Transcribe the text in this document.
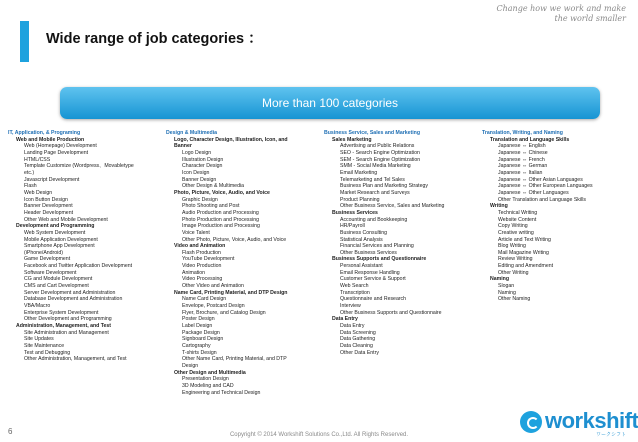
Change how we work and make the world smaller
Wide range of job categories ：
More than 100 categories
IT, Application, & Programing
Web and Mobile Production
Web (Homepage) Development
Landing Page Development
HTML/CSS
Template Customize (Wordpress、Movabletype
etc.)
Javascript Development
Flash
Web Design
Icon Button Design
Banner Development
Header Development
Other Web and Mobile Development
Development and Programming
Web System Development
Mobile Application Development
Smartphone App Development
(iPhone/Android)
Game Development
Facebook and Twitter Application Development
Software Development
CG and Module Development
CMS and Cart Development
Server Development and Administration
Database Development and Administration
VBA/Macro
Enterprise System Development
Other Development and Programming
Administration, Management, and Test
Site Administration and Management
Site Updates
Site Maintenance
Test and Debugging
Other Administration, Management, and Test
Design & Multimedia
Logo, Character Design, Illustration, Icon, and
Banner
Logo Design
Illustration Design
Character Design
Icon Design
Banner Design
Other Design & Multimedia
Photo, Picture, Voice, Audio, and Voice
Graphic Design
Photo Shooting and Post
Audio Production and Processing
Photo Production and Processing
Image Production and Processing
Voice Talent
Other Photo, Picture, Voice, Audio, and Voice
Video and Animation
Flash Production
YouTube Development
Video Production
Animation
Video Processing
Other Video and Animation
Name Card, Printing Material, and DTP Design
Name Card Design
Envelope, Postcard Design
Flyer, Brochure, and Catalog Design
Poster Design
Label Design
Package Design
Signboard Design
Cartography
T-shirts Design
Other Name Card, Printing Material, and DTP
Design
Other Design and Multimedia
Presentation Design
3D Modeling and CAD
Engineering and Technical Design
Business Service, Sales and Marketing
Sales Marketing
Advertising and Public Relations
SEO - Search Engine Optimization
SEM - Search Engine Optimization
SMM - Social Media Marketing
Email Marketing
Telemarketing and Tel Sales
Business Plan and Marketing Strategy
Market Research and Surveys
Product Planning
Other Business Service, Sales and Marketing
Business Services
Accounting and Bookkeeping
HR/Payroll
Business Consulting
Statistical Analysis
Financial Services and Planning
Other Business Services
Business Supports and Questionnaire
Personal Assistant
Email Response Handling
Customer Service & Support
Web Search
Transcription
Questionnaire and Research
Interview
Other Business Supports and Questionnaire
Data Entry
Data Entry
Data Screening
Data Gathering
Data Cleaning
Other Data Entry
Translation, Writing, and Naming
Translation and Language Skills
Japanese ⇔ English
Japanese ⇔ Chinese
Japanese ⇔ French
Japanese ⇔ German
Japanese ⇔ Italian
Japanese ⇔ Other Asian Languages
Japanese ⇔ Other European Languages
Japanese ⇔ Other Languages
Other Translation and Language Skills
Writing
Technical Writing
Website Content
Copy Writing
Creative writing
Article and Text Writing
Blog Writing
Mail Magazine Writing
Review Writing
Editing and Amendment
Other Writing
Naming
Slogan
Naming
Other Naming
6	Copyright © 2014 Workshift Solutions Co.,Ltd. All Rights Reserved.
workshift
ワークシフト
